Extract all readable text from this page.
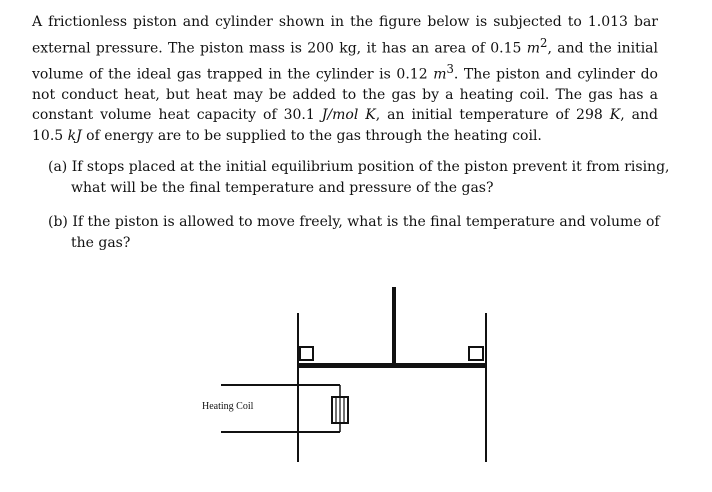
A frictionless piston and cylinder shown in the figure below is subjected to 1.013 bar external pressure. The piston mass is 200 kg, it has an area of 0.15 $m^2$, and the initial volume of the ideal gas trapped in the cylinder is 0.12 $m^3$. The piston and cylinder do not conduct heat, but heat may be added to the gas by a heating coil. The gas has a constant volume heat capacity of 30.1 J/mol K, an initial temperature of 298 K, and 10.5 kJ of energy are to be supplied to the gas through the heating coil.
(a) If stops placed at the initial equilibrium position of the piston prevent it from rising, what will be the final temperature and pressure of the gas?
(b) If the piston is allowed to move freely, what is the final temperature and volume of the gas?
Heating Coil
